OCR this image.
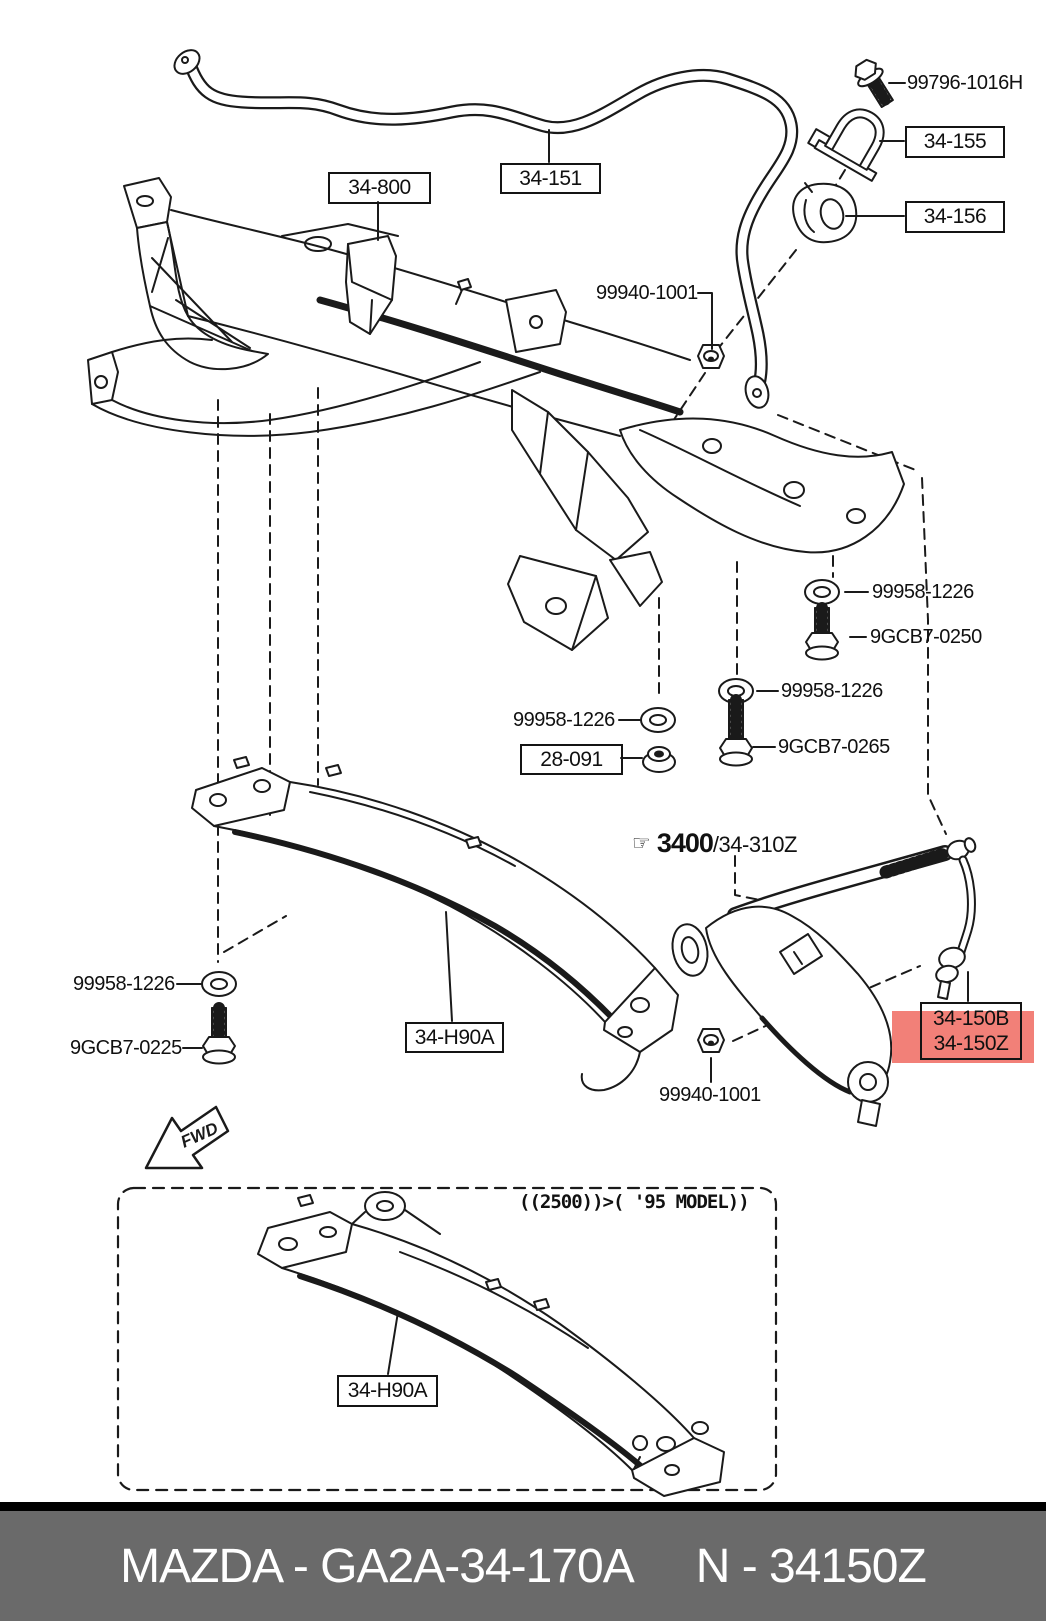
FWD
99796-1016H
99940-1001
99958-1226
9GCB7-0250
99958-1226
9GCB7-0265
99958-1226
99958-1226
9GCB7-0225
99940-1001
34-155
34-156
34-151
34-800
28-091
34-H90A
34-150B
34-150Z
34-H90A
☞ 3400 /34-310Z
((2500))>( '95 MODEL))
MAZDA - GA2A-34-170A N - 34150Z
